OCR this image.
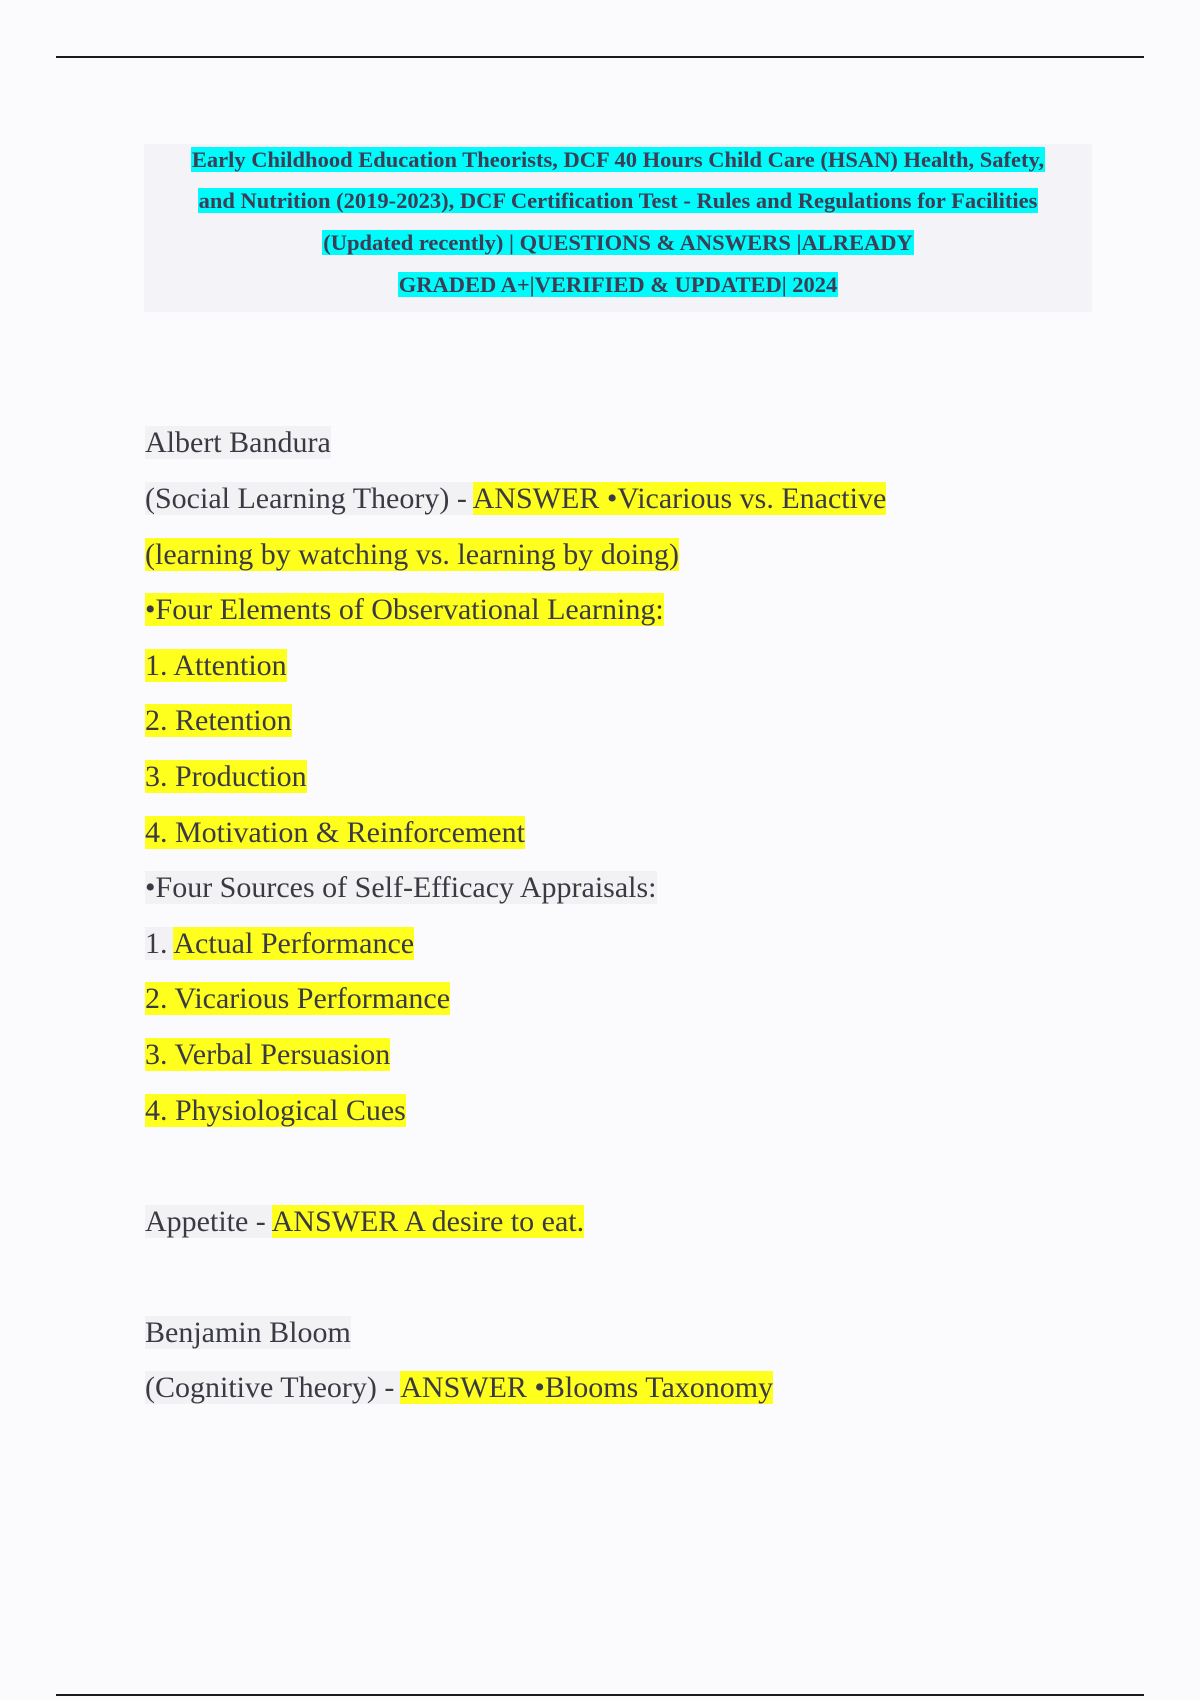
Early Childhood Education Theorists, DCF 40 Hours Child Care (HSAN) Health, Safety,
and Nutrition (2019-2023), DCF Certification Test - Rules and Regulations for Facilities
(Updated recently) | QUESTIONS & ANSWERS |ALREADY
GRADED A+|VERIFIED & UPDATED| 2024
Albert Bandura
(Social Learning Theory) - ANSWER •Vicarious vs. Enactive
(learning by watching vs. learning by doing)
•Four Elements of Observational Learning:
1. Attention
2. Retention
3. Production
4. Motivation & Reinforcement
•Four Sources of Self-Efficacy Appraisals:
1. Actual Performance
2. Vicarious Performance
3. Verbal Persuasion
4. Physiological Cues
Appetite - ANSWER A desire to eat.
Benjamin Bloom
(Cognitive Theory) - ANSWER •Blooms Taxonomy
